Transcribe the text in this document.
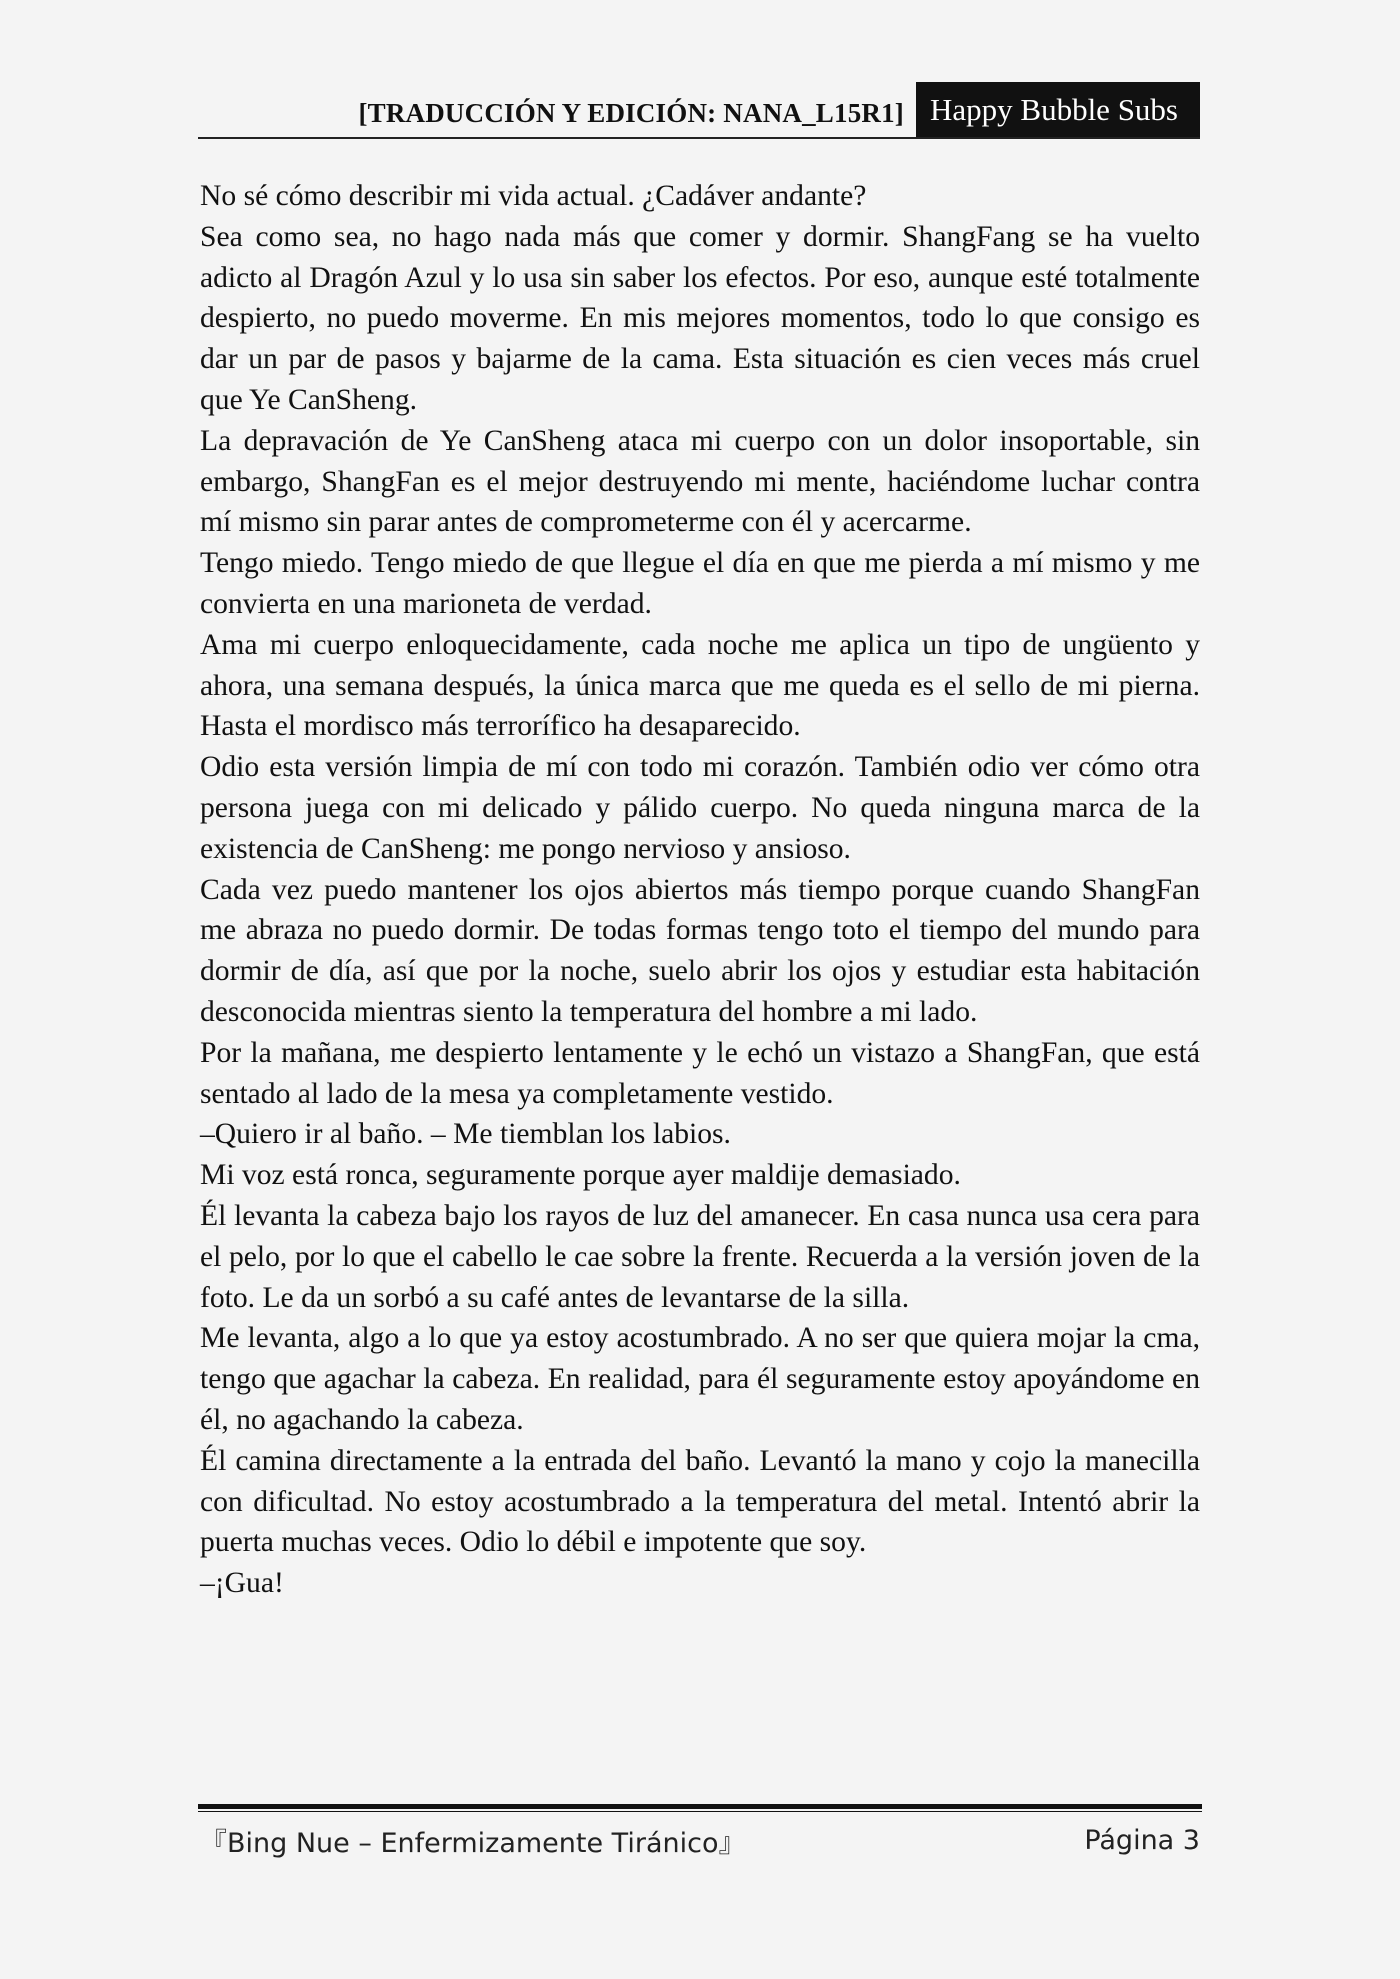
[TRADUCCIÓN Y EDICIÓN: NANA_L15R1] Happy Bubble Subs

No sé cómo describir mi vida actual. ¿Cadáver andante?

Sea como sea, no hago nada más que comer y dormir. ShangFang se ha vuelto adicto al Dragón Azul y lo usa sin saber los efectos. Por eso, aunque esté totalmente despierto, no puedo moverme. En mis mejores momentos, todo lo que consigo es dar un par de pasos y bajarme de la cama. Esta situación es cien veces más cruel que Ye CanSheng.

La depravación de Ye CanSheng ataca mi cuerpo con un dolor insoportable, sin embargo, ShangFan es el mejor destruyendo mi mente, haciéndome luchar contra mí mismo sin parar antes de comprometerme con él y acercarme.

Tengo miedo. Tengo miedo de que llegue el día en que me pierda a mí mismo y me convierta en una marioneta de verdad.

Ama mi cuerpo enloquecidamente, cada noche me aplica un tipo de ungüento y ahora, una semana después, la única marca que me queda es el sello de mi pierna. Hasta el mordisco más terrorífico ha desaparecido.

Odio esta versión limpia de mí con todo mi corazón. También odio ver cómo otra persona juega con mi delicado y pálido cuerpo. No queda ninguna marca de la existencia de CanSheng: me pongo nervioso y ansioso.

Cada vez puedo mantener los ojos abiertos más tiempo porque cuando ShangFan me abraza no puedo dormir. De todas formas tengo toto el tiempo del mundo para dormir de día, así que por la noche, suelo abrir los ojos y estudiar esta habitación desconocida mientras siento la temperatura del hombre a mi lado.

Por la mañana, me despierto lentamente y le echó un vistazo a ShangFan, que está sentado al lado de la mesa ya completamente vestido.

–Quiero ir al baño. – Me tiemblan los labios.

Mi voz está ronca, seguramente porque ayer maldije demasiado.

Él levanta la cabeza bajo los rayos de luz del amanecer. En casa nunca usa cera para el pelo, por lo que el cabello le cae sobre la frente. Recuerda a la versión joven de la foto. Le da un sorbó a su café antes de levantarse de la silla.

Me levanta, algo a lo que ya estoy acostumbrado. A no ser que quiera mojar la cma, tengo que agachar la cabeza. En realidad, para él seguramente estoy apoyándome en él, no agachando la cabeza.

Él camina directamente a la entrada del baño. Levantó la mano y cojo la manecilla con dificultad. No estoy acostumbrado a la temperatura del metal. Intentó abrir la puerta muchas veces. Odio lo débil e impotente que soy.

–¡Gua!

『Bing Nue – Enfermizamente Tiránico』	Página 3
